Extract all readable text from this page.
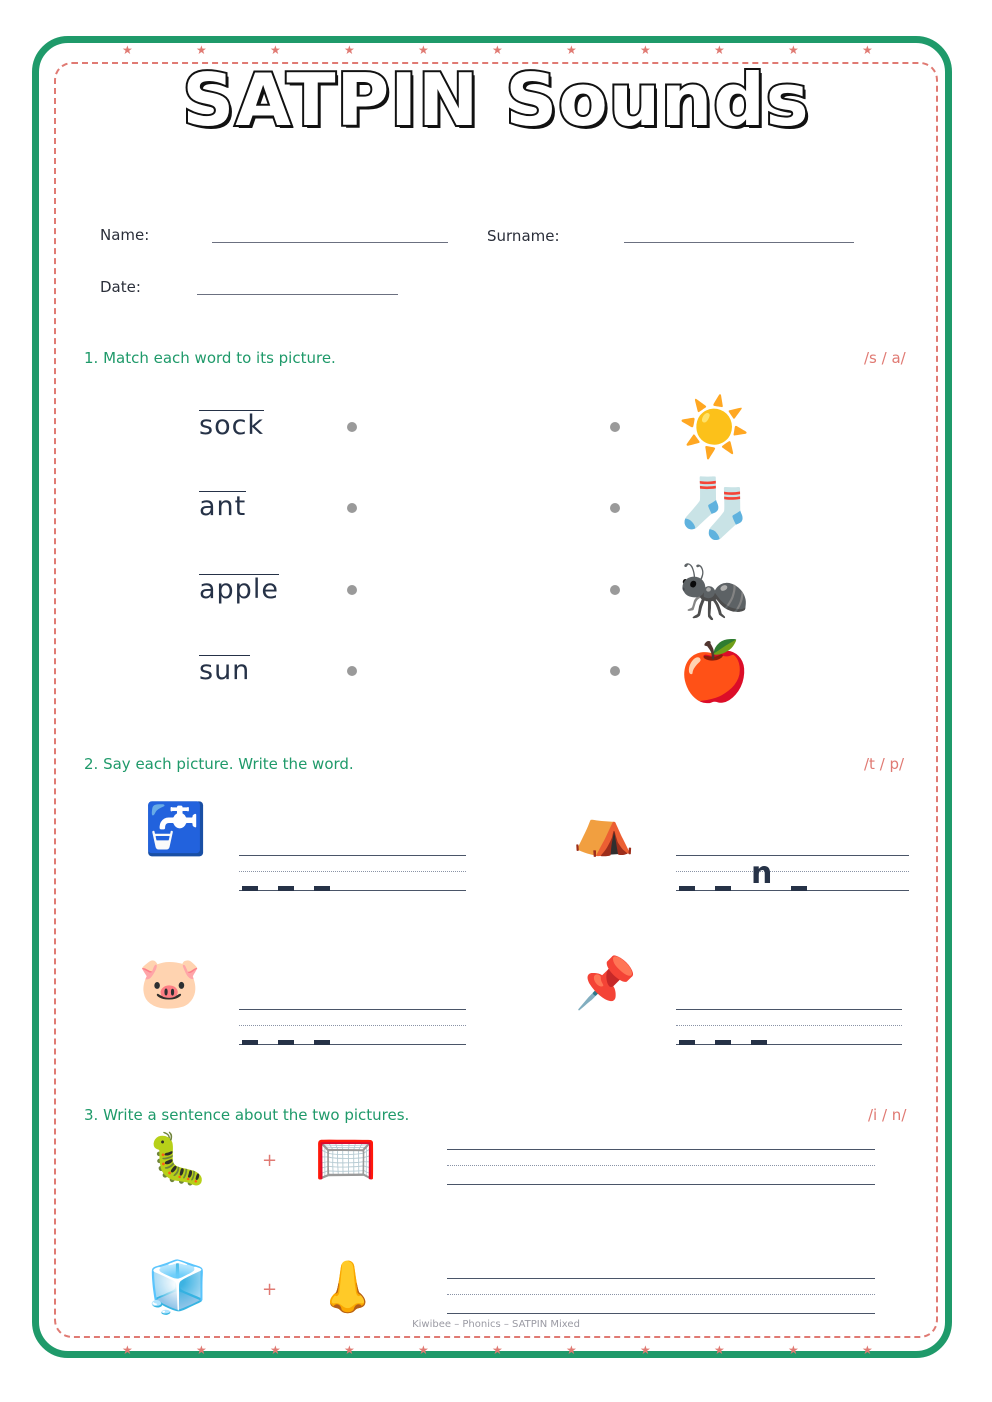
★	★	★	★	★	★	★	★	★	★	★
★	★	★	★	★	★	★	★	★	★	★
SATPIN Sounds
Name:	Surname:
Date:
1. Match each word to its picture.	/s / a/
sock
ant
apple
sun
☀️
🧦
🐜
🍎
2. Say each picture. Write the word.	/t / p/
🚰	⛺
n
🐷	📌
3. Write a sentence about the two pictures.	/i / n/
🐛	+ 🥅
🧊	+ 👃
Kiwibee – Phonics – SATPIN Mixed
